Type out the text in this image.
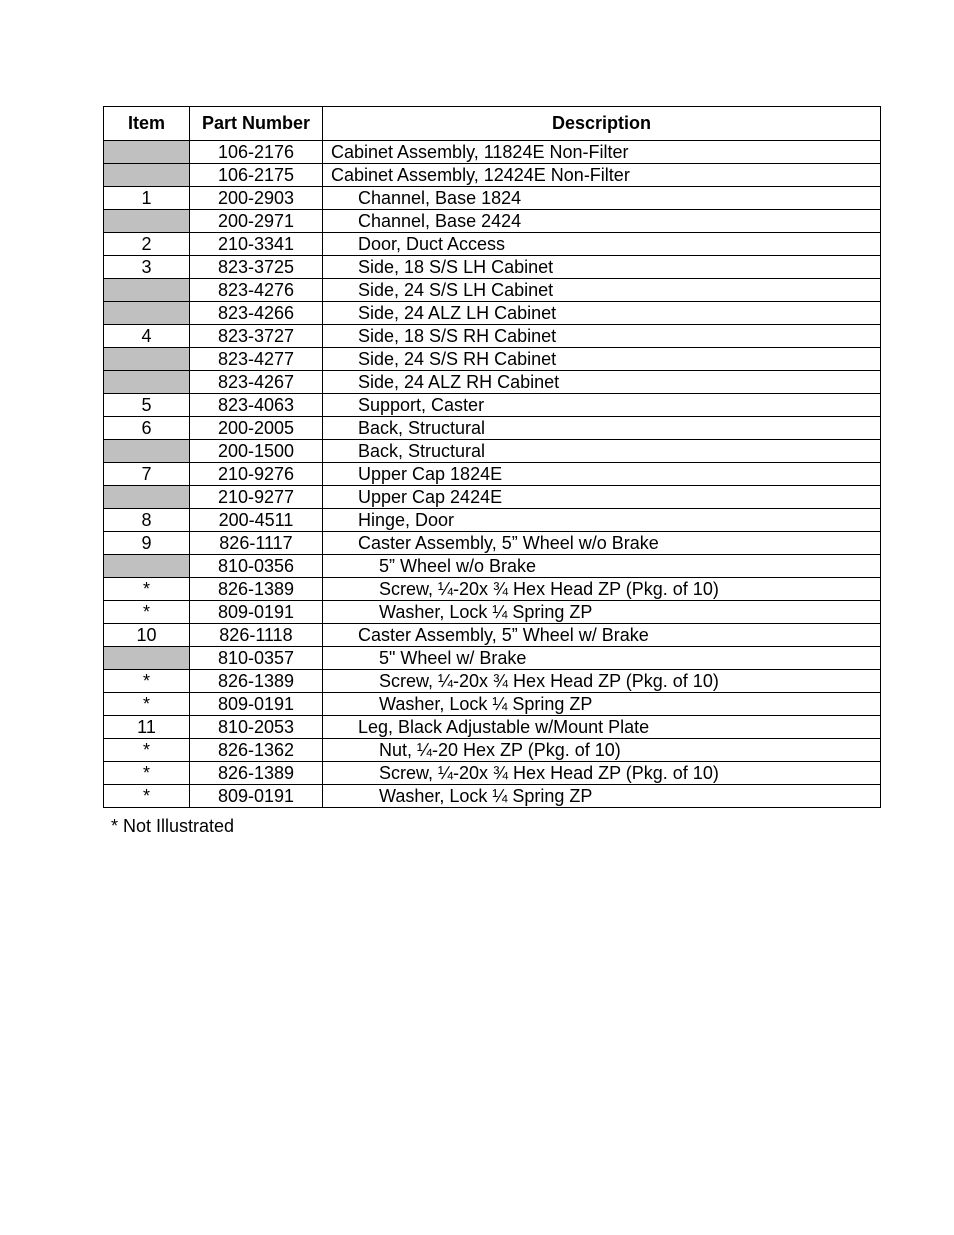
Item	Part Number	Description
	106-2176	Cabinet Assembly, 11824E Non-Filter
	106-2175	Cabinet Assembly, 12424E Non-Filter
1	200-2903	Channel, Base 1824
	200-2971	Channel, Base 2424
2	210-3341	Door, Duct Access
3	823-3725	Side, 18 S/S LH Cabinet
	823-4276	Side, 24 S/S LH Cabinet
	823-4266	Side, 24 ALZ LH Cabinet
4	823-3727	Side, 18 S/S RH Cabinet
	823-4277	Side, 24 S/S RH Cabinet
	823-4267	Side, 24 ALZ RH Cabinet
5	823-4063	Support, Caster
6	200-2005	Back, Structural
	200-1500	Back, Structural
7	210-9276	Upper Cap 1824E
	210-9277	Upper Cap 2424E
8	200-4511	Hinge, Door
9	826-1117	Caster Assembly, 5” Wheel w/o Brake
	810-0356	5” Wheel w/o Brake
*	826-1389	Screw, ¼-20x ¾ Hex Head ZP (Pkg. of 10)
*	809-0191	Washer, Lock ¼ Spring ZP
10	826-1118	Caster Assembly, 5” Wheel w/ Brake
	810-0357	5" Wheel w/ Brake
*	826-1389	Screw, ¼-20x ¾ Hex Head ZP (Pkg. of 10)
*	809-0191	Washer, Lock ¼ Spring ZP
11	810-2053	Leg, Black Adjustable w/Mount Plate
*	826-1362	Nut, ¼-20 Hex ZP (Pkg. of 10)
*	826-1389	Screw, ¼-20x ¾ Hex Head ZP (Pkg. of 10)
*	809-0191	Washer, Lock ¼ Spring ZP
* Not Illustrated
